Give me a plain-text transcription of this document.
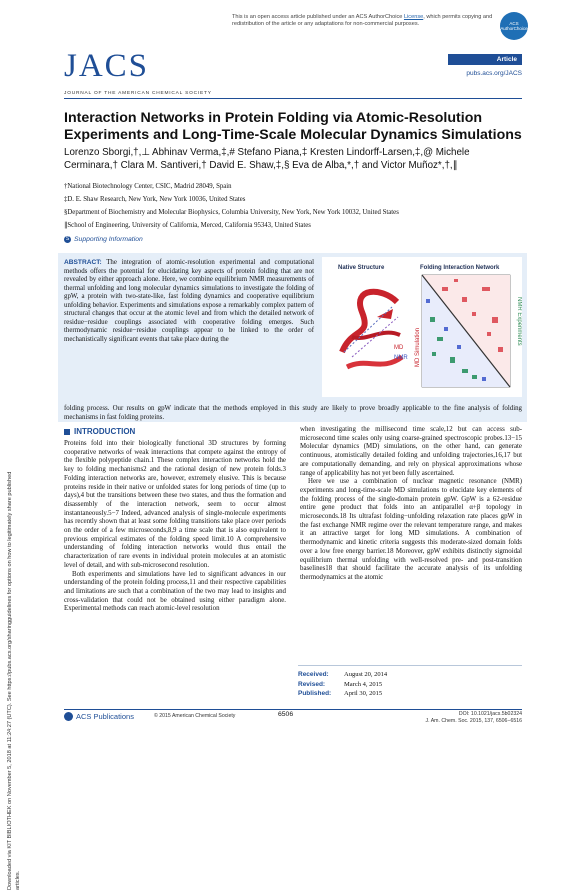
This is an open access article published under an ACS AuthorChoice License, which permits copying and redistribution of the article or any adaptations for non-commercial purposes.	ACS AuthorChoice
JACS
JOURNAL OF THE AMERICAN CHEMICAL SOCIETY
Article
pubs.acs.org/JACS
Downloaded via KIT BIBLIOTHEK on November 5, 2018 at 11:24:27 (UTC). See https://pubs.acs.org/sharingguidelines for options on how to legitimately share published articles.
Interaction Networks in Protein Folding via Atomic-Resolution Experiments and Long-Time-Scale Molecular Dynamics Simulations
Lorenzo Sborgi,†,⊥ Abhinav Verma,‡,# Stefano Piana,‡ Kresten Lindorff-Larsen,‡,@ Michele Cerminara,† Clara M. Santiveri,† David E. Shaw,‡,§ Eva de Alba,*,† and Victor Muñoz*,†,∥
†National Biotechnology Center, CSIC, Madrid 28049, Spain
‡D. E. Shaw Research, New York, New York 10036, United States
§Department of Biochemistry and Molecular Biophysics, Columbia University, New York, New York 10032, United States
∥School of Engineering, University of California, Merced, California 95343, United States
S Supporting Information
ABSTRACT: The integration of atomic-resolution experimental and computational methods offers the potential for elucidating key aspects of protein folding that are not revealed by either approach alone. Here, we combine equilibrium NMR measurements of thermal unfolding and long molecular dynamics simulations to investigate the folding of gpW, a protein with two-state-like, fast folding dynamics and cooperative equilibrium unfolding behavior. Experiments and simulations expose a remarkably complex pattern of structural changes that occur at the atomic level and from which the detailed network of residue−residue couplings associated with cooperative folding emerges. Such thermodynamic residue−residue couplings appear to be linked to the order of mechanistically significant events that take place during the
folding process. Our results on gpW indicate that the methods employed in this study are likely to prove broadly applicable to the fine analysis of folding mechanisms in fast folding proteins.
Native Structure	Folding Interaction Network
MD
NMR MD Simulation
NMR Experiments
INTRODUCTION

Proteins fold into their biologically functional 3D structures by forming cooperative networks of weak interactions that compete against the entropy of the flexible polypeptide chain.1 These complex interaction networks hold the key to folding mechanisms2 and the rational design of new protein folds.3 Folding interaction networks are, however, extremely elusive. This is because proteins reside in their native or unfolded states for long periods of time (up to days),4 but the transitions between these two states, and thus the formation and disassembly of the interaction network, seem to occur almost instantaneously.5−7 Indeed, advanced analysis of single-molecule experiments has recently shown that at least some folding transitions take place over periods on the order of a few microseconds,8,9 a time scale that is also equivalent to previous empirical estimates of the folding speed limit.10 A comprehensive understanding of folding interaction networks would thus entail the characterization of rare events in individual protein molecules at an atomistic level of detail, and with sub-microsecond resolution.

Both experiments and simulations have led to significant advances in our understanding of the protein folding process,11 and their respective capabilities and limitations are such that a combination of the two may lead to insights and cross-validation that could not be obtained using either paradigm alone. Experimental methods can reach atomic-level resolution

when investigating the millisecond time scale,12 but can access sub-microsecond time scales only using coarse-grained spectroscopic probes.13−15 Molecular dynamics (MD) simulations, on the other hand, can generate continuous, atomistically detailed folding and unfolding trajectories,16,17 but are computationally demanding, and rely on physical approximations whose range of applicability has not yet been fully ascertained.

Here we use a combination of nuclear magnetic resonance (NMR) experiments and long-time-scale MD simulations to elucidate key elements of the folding process of the single-domain protein gpW. GpW is a 62-residue entire gene product that folds into an antiparallel α+β topology in microseconds.18 Its ultrafast folding−unfolding relaxation rate places gpW in the fast exchange NMR regime over the relevant temperature range, and makes it an attractive target for long MD simulations. A combination of thermodynamic and kinetic criteria suggests this moderate-sized domain folds over a low free energy barrier.18 Moreover, gpW exhibits distinctly sigmoidal equilibrium thermal unfolding with well-resolved pre- and post-transition baselines18 that should facilitate the accurate analysis of its unfolding thermodynamics at the atomic

Received: August 20, 2014
Revised:	March 4, 2015
Published: April 30, 2015
ACS Publications	© 2015 American Chemical Society	6506	DOI: 10.1021/jacs.5b02324
J. Am. Chem. Soc. 2015, 137, 6506−6516
